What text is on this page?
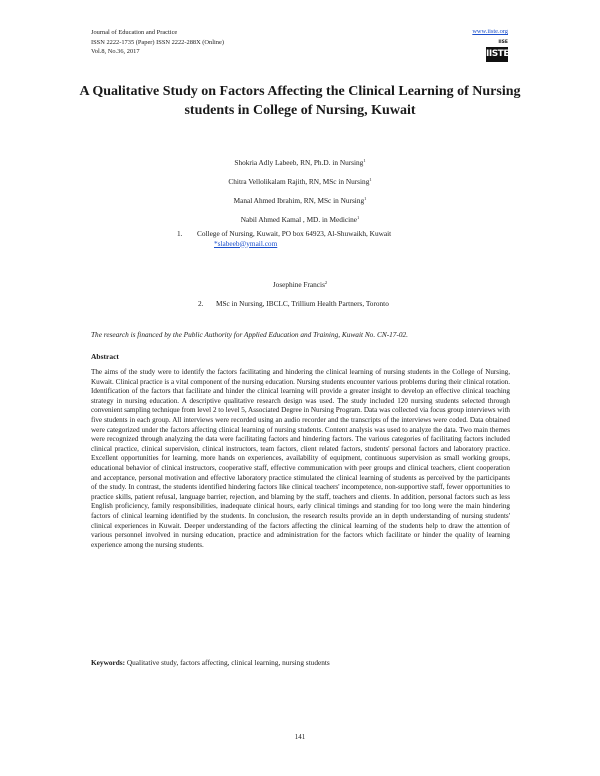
Journal of Education and Practice
ISSN 2222-1735 (Paper) ISSN 2222-288X (Online)
Vol.8, No.36, 2017
www.iiste.org
IISE
IISTE
A Qualitative Study on Factors Affecting the Clinical Learning of Nursing students in College of Nursing, Kuwait
Shokria Adly Labeeb, RN, Ph.D. in Nursing$^1$
Chitra Vellolikalam Rajith, RN, MSc in Nursing$^1$
Manal Ahmed Ibrahim, RN, MSc in Nursing$^1$
Nabil Ahmed Kamal , MD. in Medicine$^1$
1. College of Nursing, Kuwait, PO box 64923, Al-Shuwaikh, Kuwait
*slabeeb@ymail.com
Josephine Francis$^2$
2. MSc in Nursing, IBCLC, Trillium Health Partners, Toronto
The research is financed by the Public Authority for Applied Education and Training, Kuwait No. CN-17-02.
Abstract
The aims of the study were to identify the factors facilitating and hindering the clinical learning of nursing students in the College of Nursing, Kuwait. Clinical practice is a vital component of the nursing education. Nursing students encounter various problems during their clinical rotation. Identification of the factors that facilitate and hinder the clinical learning will provide a greater insight to develop an effective clinical teaching strategy in nursing education. A descriptive qualitative research design was used. The study included 120 nursing students selected through convenient sampling technique from level 2 to level 5, Associated Degree in Nursing Program. Data was collected via focus group interviews with five students in each group. All interviews were recorded using an audio recorder and the transcripts of the interviews were coded. Data obtained were categorized under the factors affecting clinical learning of nursing students. Content analysis was used to analyze the data. Two main themes were recognized through analyzing the data were facilitating factors and hindering factors. The various categories of facilitating factors included clinical practice, clinical supervision, clinical instructors, team factors, client related factors, students' personal factors and laboratory practice. Excellent opportunities for learning, more hands on experiences, availability of equipment, continuous supervision as small working groups, educational behavior of clinical instructors, cooperative staff, effective communication with peer groups and clinical teachers, client cooperation and acceptance, personal motivation and effective laboratory practice stimulated the clinical learning of students as perceived by the participants of the study. In contrast, the students identified hindering factors like clinical teachers' incompetence, non-supportive staff, fewer opportunities to practice skills, patient refusal, language barrier, rejection, and blaming by the staff, teachers and clients. In addition, personal factors such as less English proficiency, family responsibilities, inadequate clinical hours, early clinical timings and standing for too long were the main hindering factors of clinical learning identified by the students. In conclusion, the research results provide an in depth understanding of nursing students' clinical experiences in Kuwait. Deeper understanding of the factors affecting the clinical learning of the students help to draw the attention of various personnel involved in nursing education, practice and administration for the factors which facilitate or hinder the quality of learning experience among the nursing students.
Keywords: Qualitative study, factors affecting, clinical learning, nursing students
141
